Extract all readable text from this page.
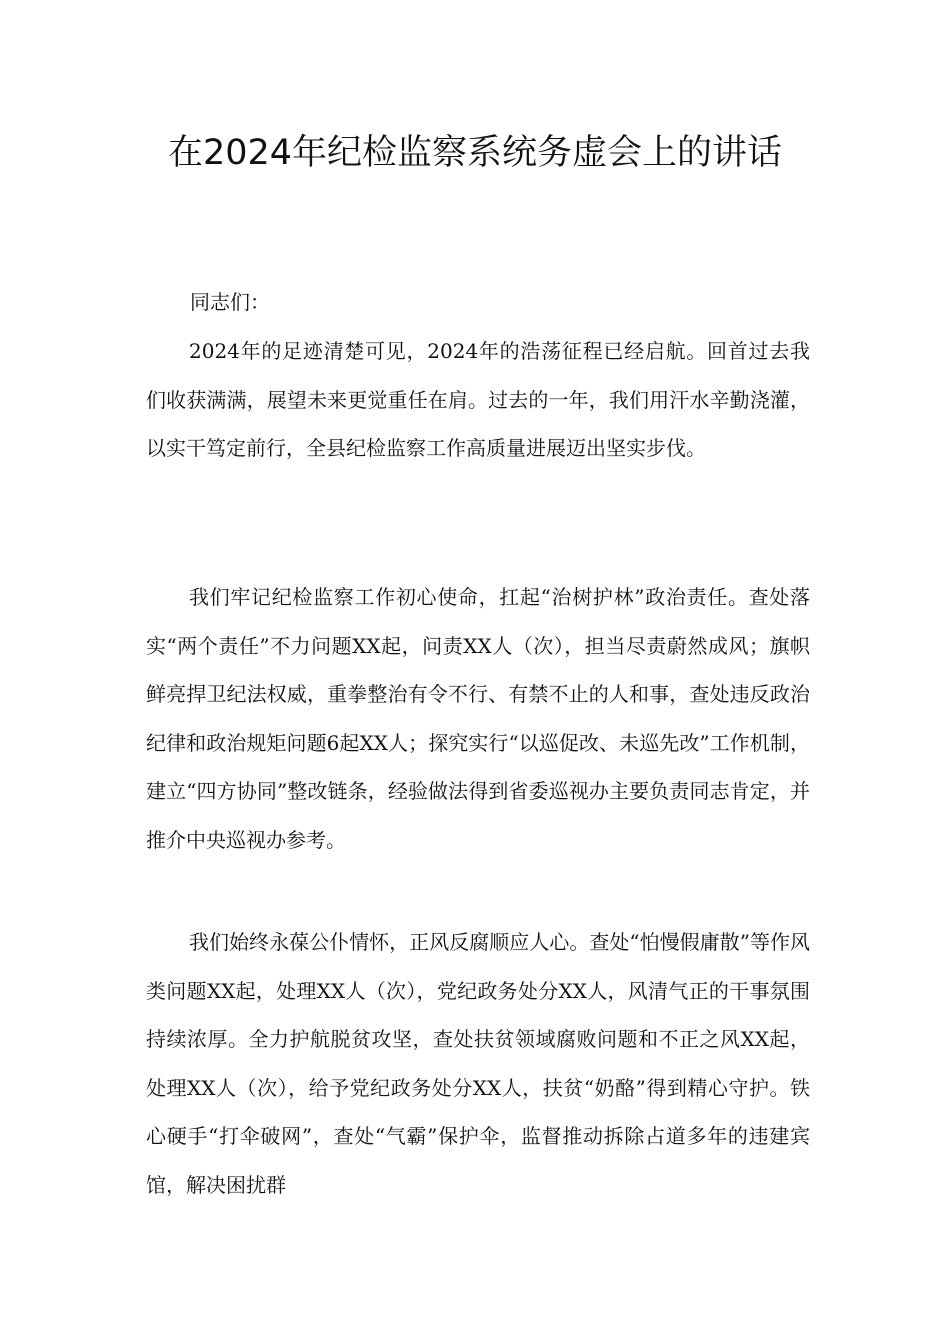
在2024年纪检监察系统务虚会上的讲话

同志们：

2024年的足迹清楚可见，2024年的浩荡征程已经启航。回首过去我们收获满满，展望未来更觉重任在肩。过去的一年，我们用汗水辛勤浇灌，以实干笃定前行，全县纪检监察工作高质量进展迈出坚实步伐。

我们牢记纪检监察工作初心使命，扛起“治树护林”政治责任。查处落实“两个责任”不力问题XX起，问责XX人（次），担当尽责蔚然成风；旗帜鲜亮捍卫纪法权威，重拳整治有令不行、有禁不止的人和事，查处违反政治纪律和政治规矩问题6起XX人；探究实行“以巡促改、未巡先改”工作机制，建立“四方协同”整改链条，经验做法得到省委巡视办主要负责同志肯定，并推介中央巡视办参考。

我们始终永葆公仆情怀，正风反腐顺应人心。查处“怕慢假庸散”等作风类问题XX起，处理XX人（次），党纪政务处分XX人，风清气正的干事氛围持续浓厚。全力护航脱贫攻坚，查处扶贫领域腐败问题和不正之风XX起，处理XX人（次），给予党纪政务处分XX人，扶贫“奶酪”得到精心守护。铁心硬手“打伞破网”，查处“气霸”保护伞，监督推动拆除占道多年的违建宾馆，解决困扰群
